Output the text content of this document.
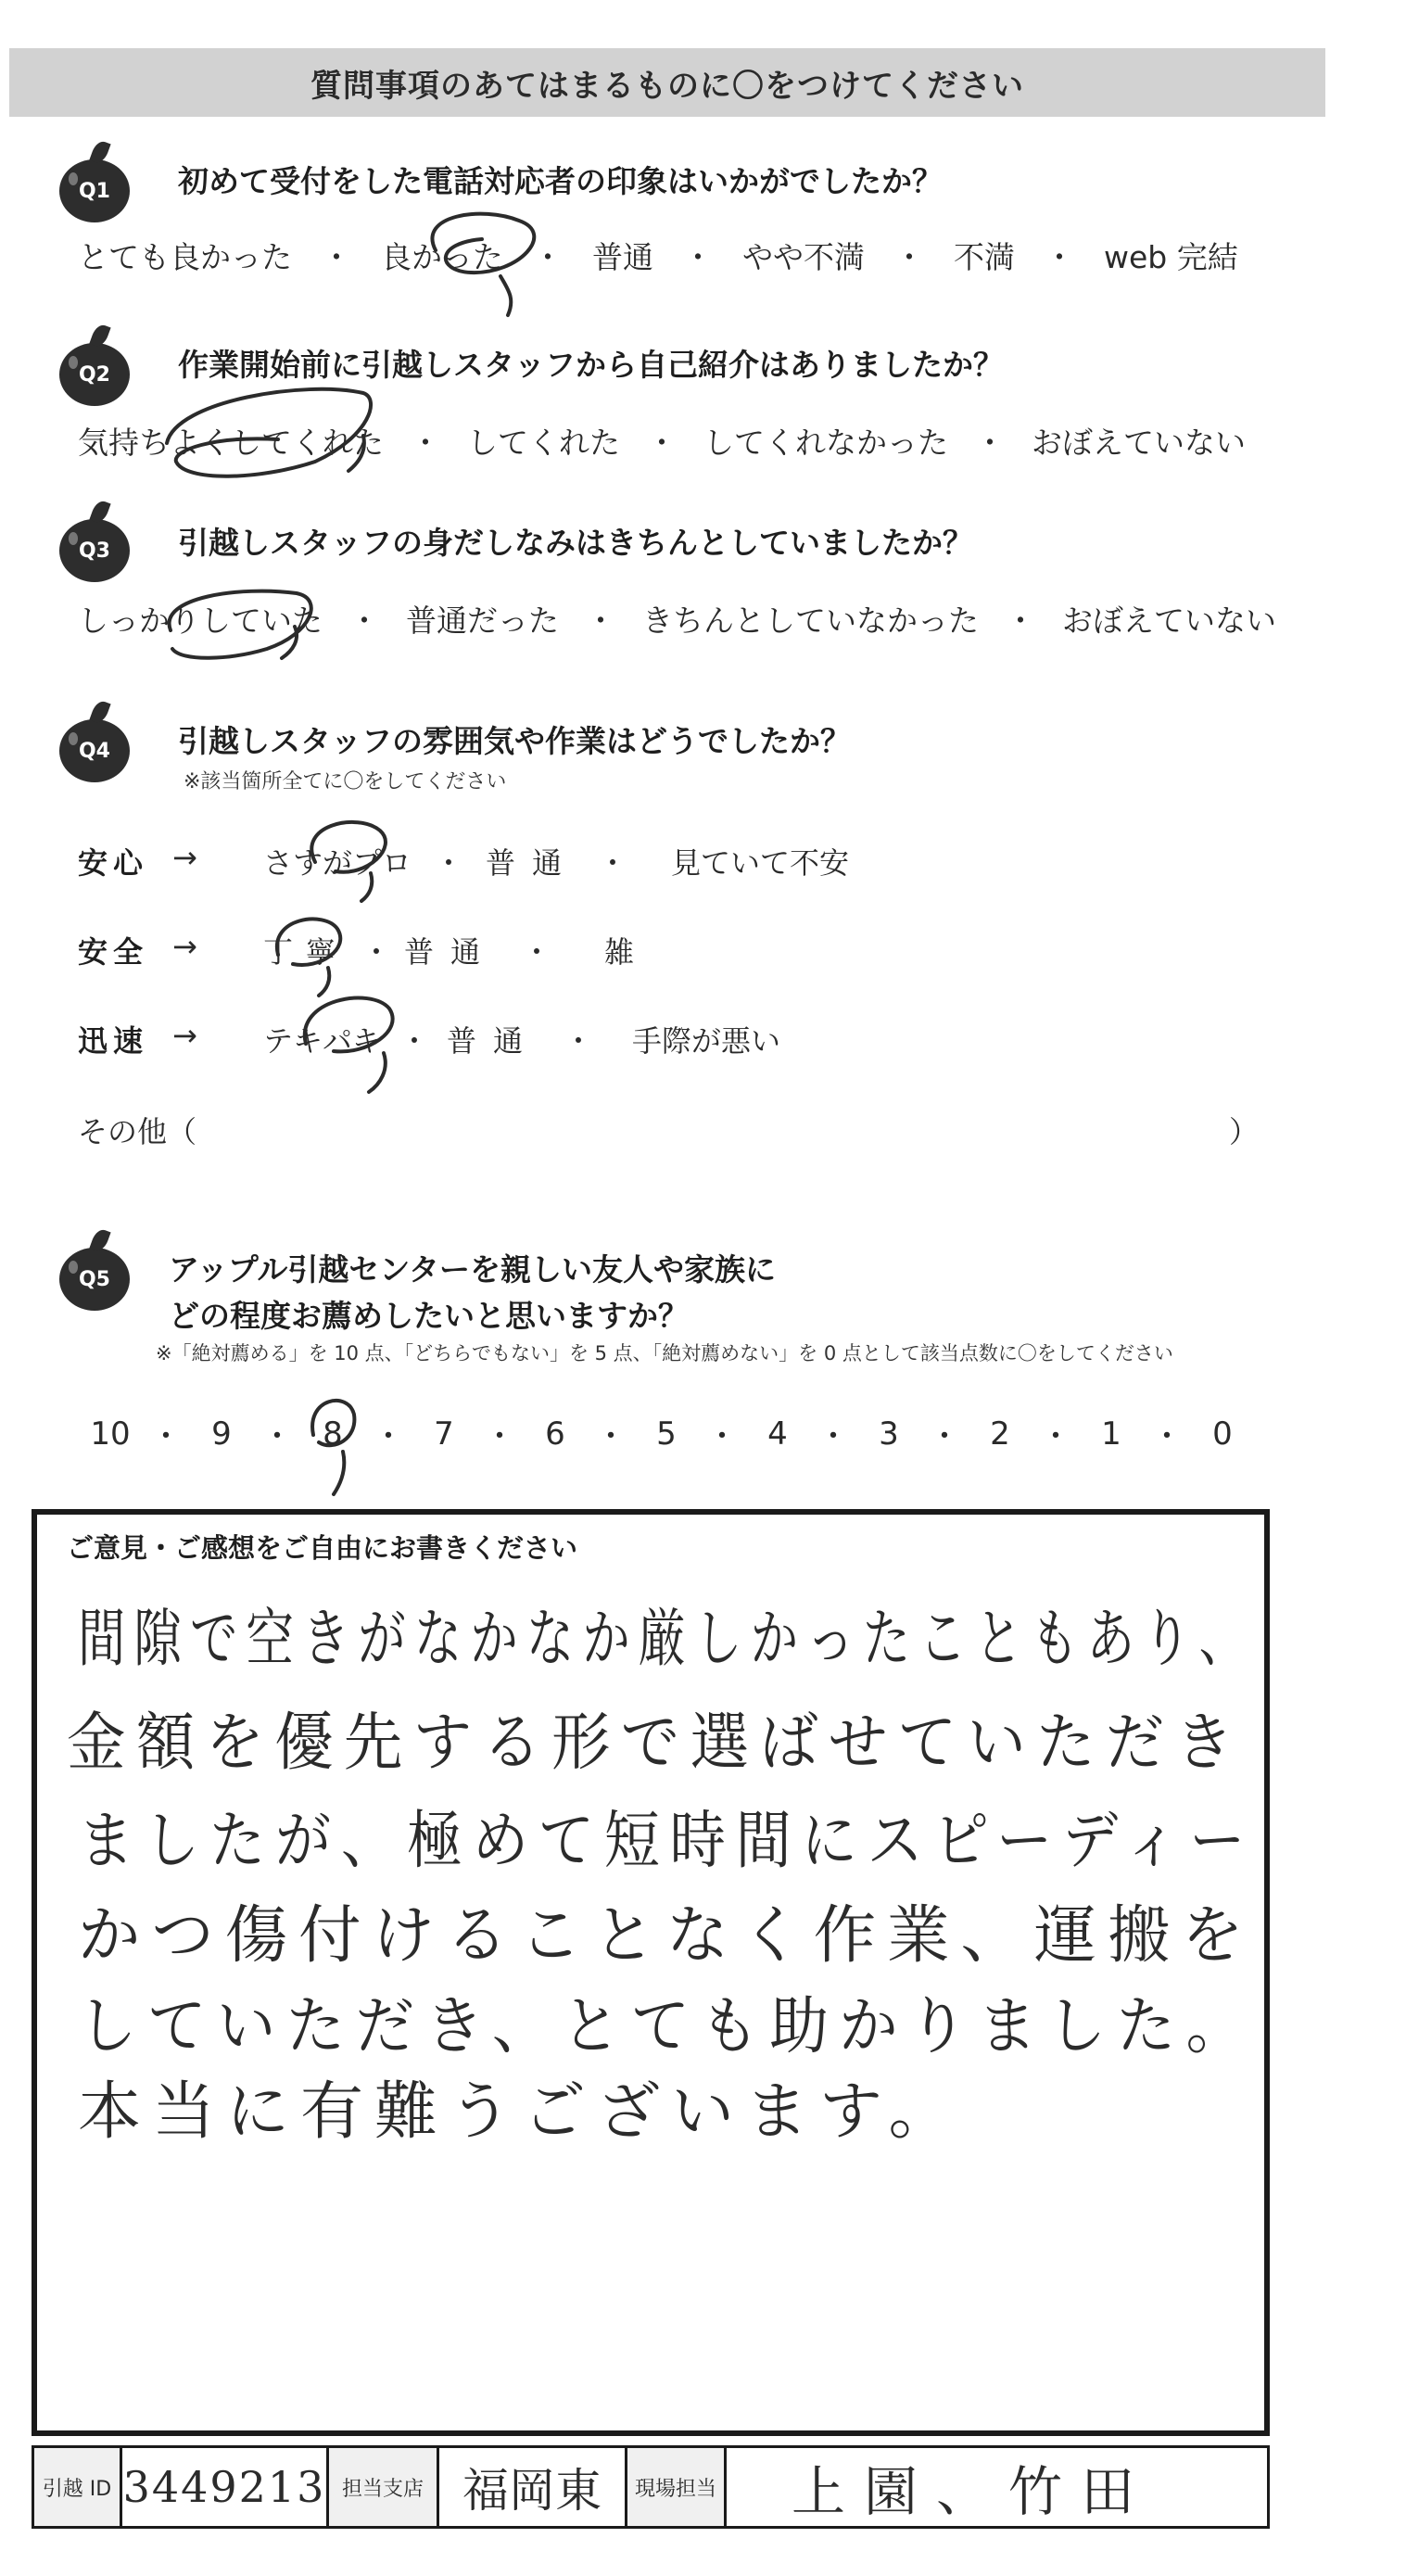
質問事項のあてはまるものに〇をつけてください
Q1 初めて受付をした電話対応者の印象はいかがでしたか？
とても良かった ・ 良かった ・ 普通 ・ やや不満 ・ 不満 ・ web 完結
Q2 作業開始前に引越しスタッフから自己紹介はありましたか？
気持ちよくしてくれた ・ してくれた ・ してくれなかった ・ おぼえていない
Q3 引越しスタッフの身だしなみはきちんとしていましたか？
しっかりしていた ・ 普通だった ・ きちんとしていなかった ・ おぼえていない
Q4 引越しスタッフの雰囲気や作業はどうでしたか？
※該当箇所全てに〇をしてください
安心 → さすがプロ ・ 普通 ・	見ていて不安
安全 → 丁寧 ・ 普通 ・	雑
迅速 → テキパキ ・ 普通 ・	手際が悪い
その他（	）
Q5 アップル引越センターを親しい友人や家族に
どの程度お薦めしたいと思いますか？
※「絶対薦める」を 10 点、「どちらでもない」を 5 点、「絶対薦めない」を 0 点として該当点数に〇をしてください
10 ・ 9 ・ 8 ・ 7 ・ 6 ・ 5 ・ 4 ・ 3 ・ 2 ・ 1 ・ 0
ご意見・ご感想をご自由にお書きください
間隙で空きがなかなか厳しかったこともあり、
金額を優先する形で選ばせていただき
ましたが、極めて短時間にスピーディー
かつ傷付けることなく作業、運搬を
していただき、とても助かりました。
本当に有難うございます。
引越 ID 3449213 担当支店 福岡東	現場担当	上園、竹田
